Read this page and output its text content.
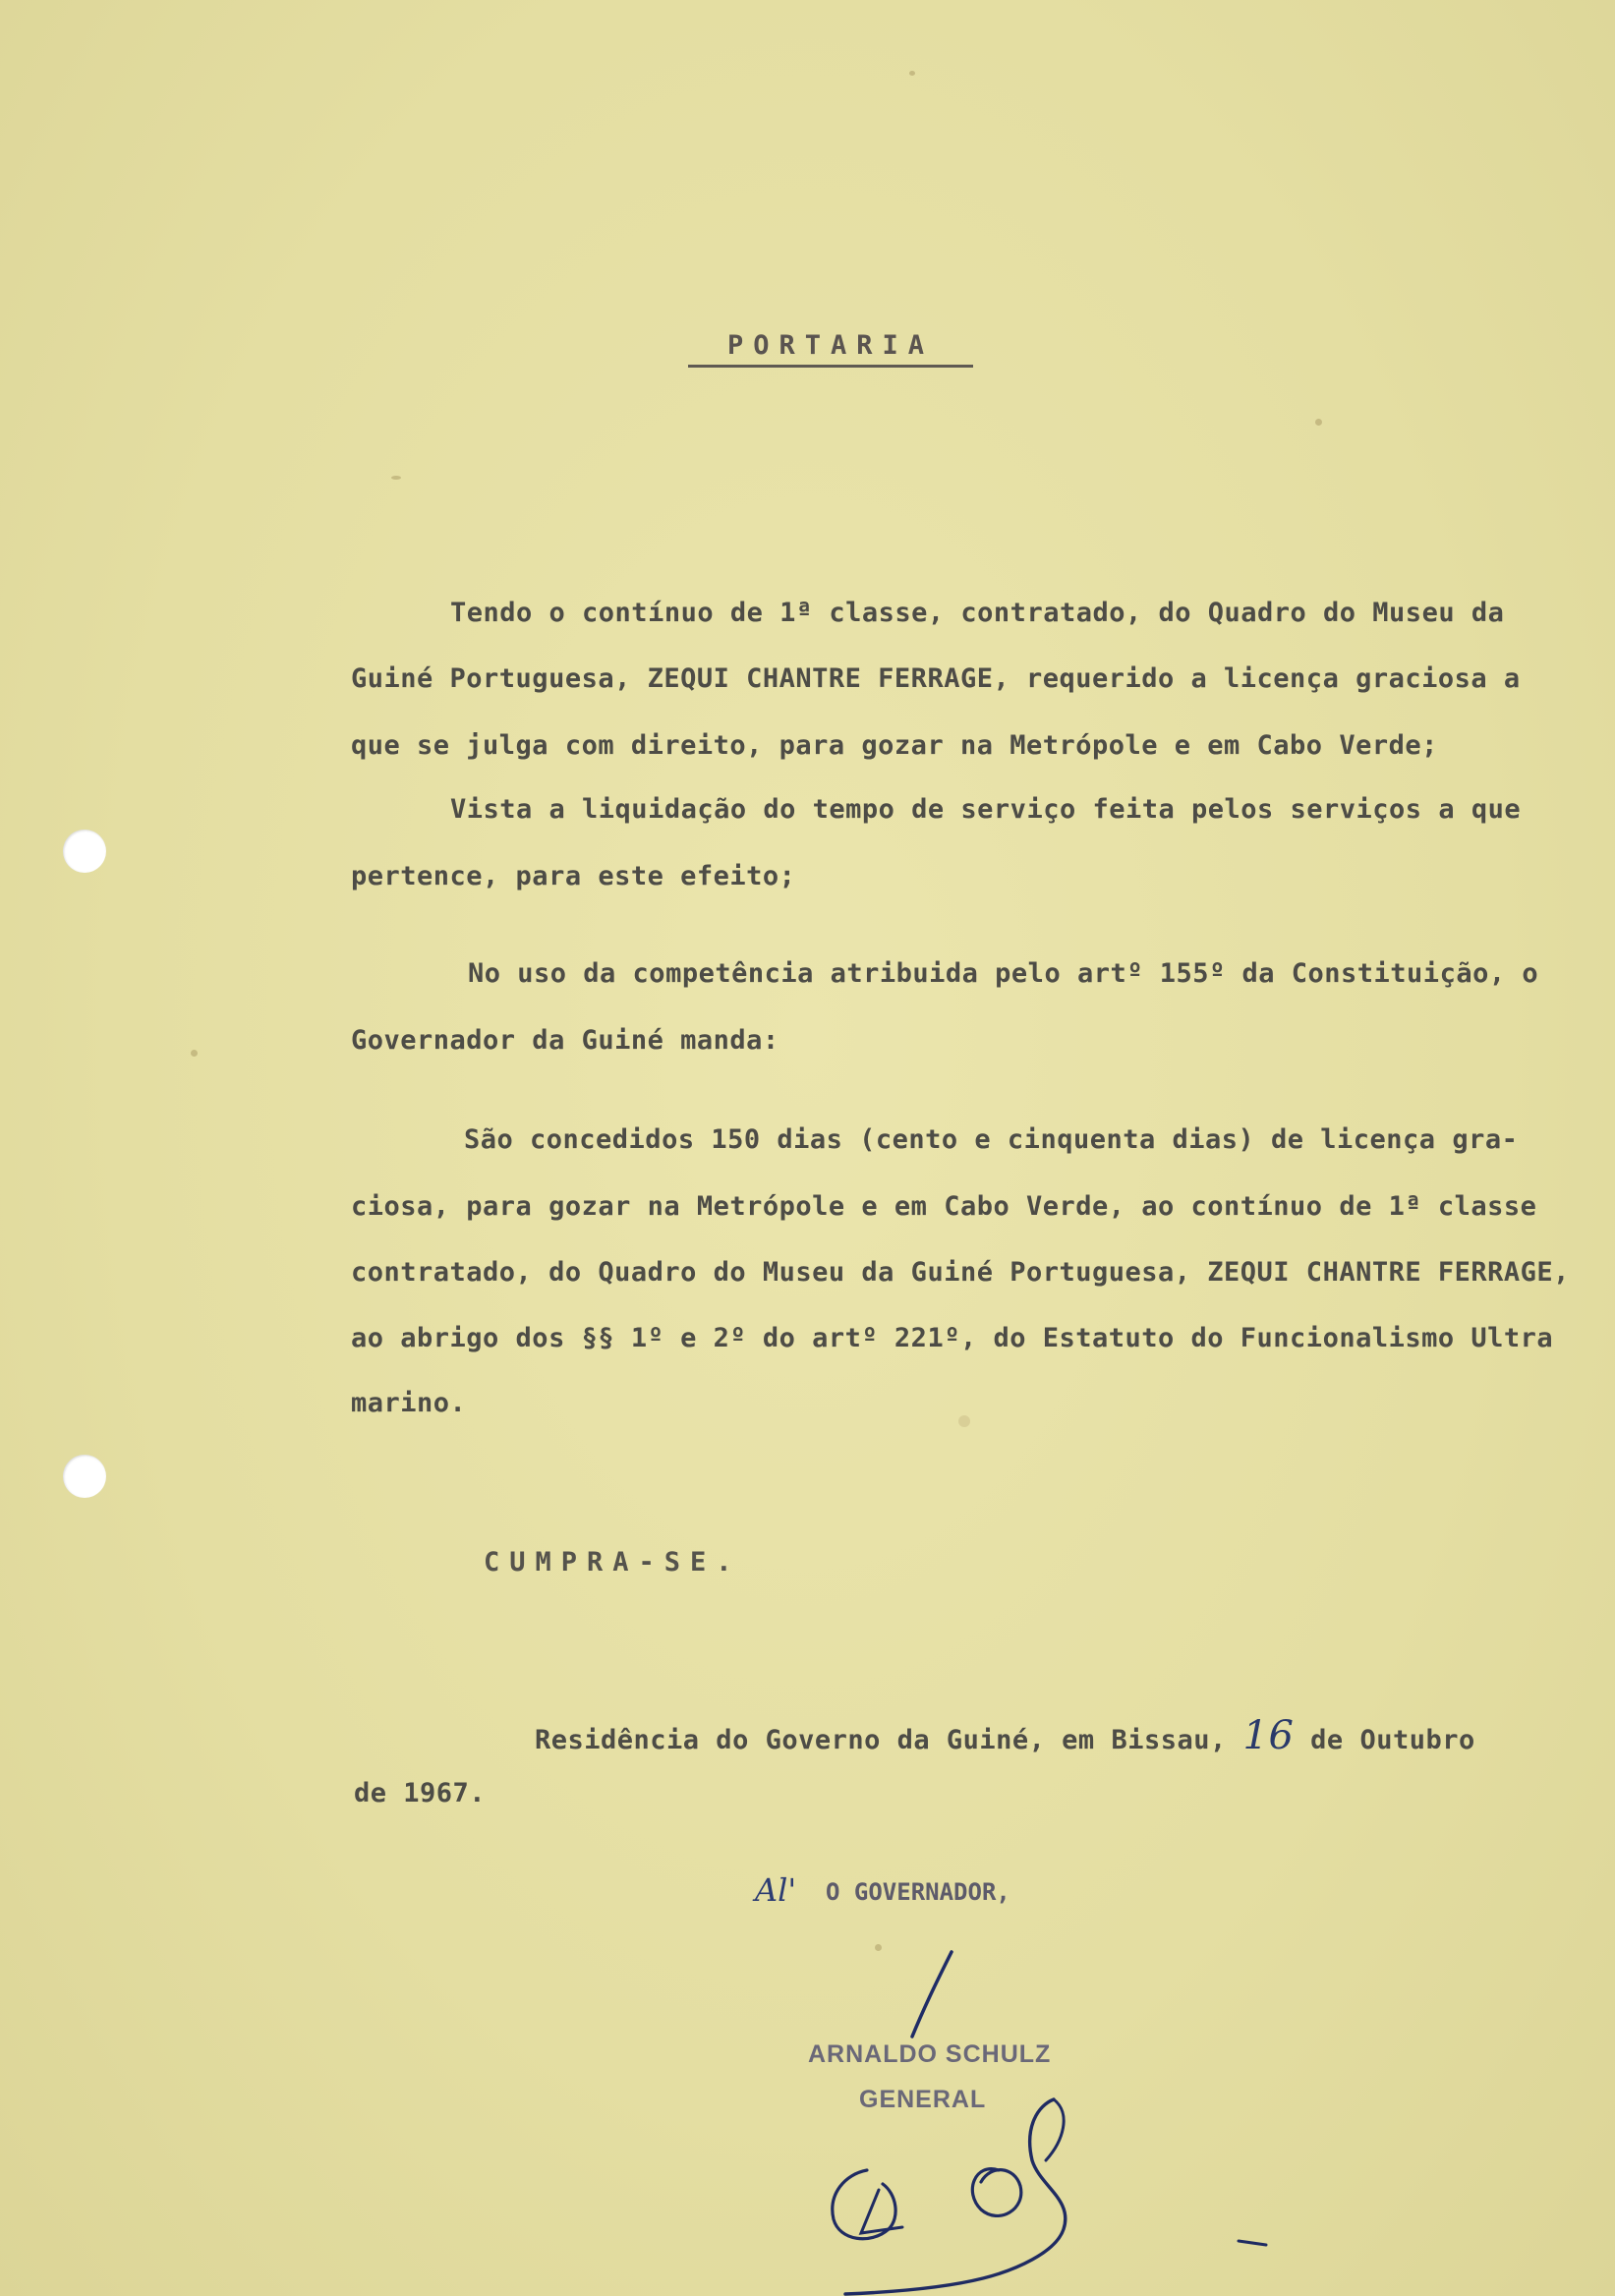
PORTARIA
Tendo o contínuo de 1ª classe, contratado, do Quadro do Museu da
Guiné Portuguesa, ZEQUI CHANTRE FERRAGE, requerido a licença graciosa a
que se julga com direito, para gozar na Metrópole e em Cabo Verde;
Vista a liquidação do tempo de serviço feita pelos serviços a que
pertence, para este efeito;
No uso da competência atribuida pelo artº 155º da Constituição, o
Governador da Guiné manda:
São concedidos 150 dias (cento e cinquenta dias) de licença gra-
ciosa, para gozar na Metrópole e em Cabo Verde, ao contínuo de 1ª classe
contratado, do Quadro do Museu da Guiné Portuguesa, ZEQUI CHANTRE FERRAGE,
ao abrigo dos §§ 1º e 2º do artº 221º, do Estatuto do Funcionalismo Ultra
marino.
CUMPRA-SE.
Residência do Governo da Guiné, em Bissau, 16 de Outubro
de 1967.
Al' O GOVERNADOR,
ARNALDO SCHULZ
GENERAL
